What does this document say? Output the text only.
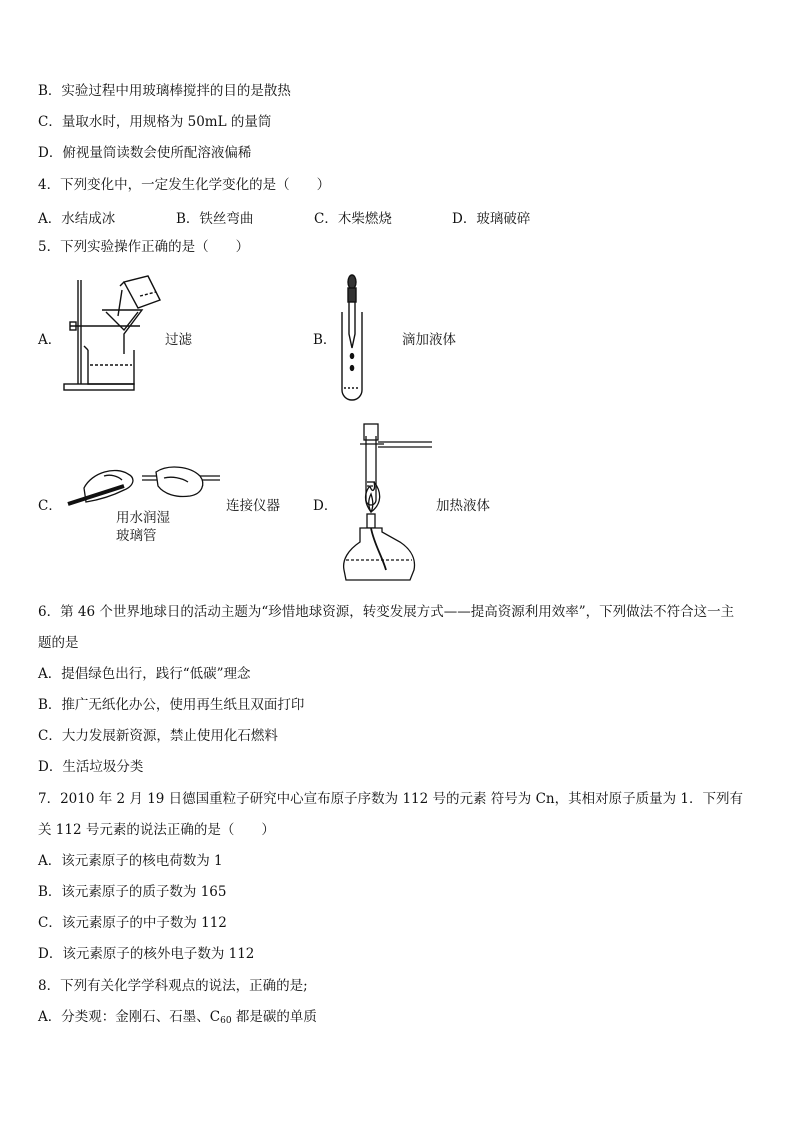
B．实验过程中用玻璃棒搅拌的目的是散热
C．量取水时，用规格为 50mL 的量筒
D．俯视量筒读数会使所配溶液偏稀
4．下列变化中，一定发生化学变化的是（　　）
A．水结成冰	B．铁丝弯曲	C．木柴燃烧	D．玻璃破碎
5．下列实验操作正确的是（　　）
A．	过滤	B．	滴加液体
C．
用水润湿
玻璃管
连接仪器 D．	加热液体
6．第 46 个世界地球日的活动主题为“珍惜地球资源，转变发展方式——提高资源利用效率”，下列做法不符合这一主
题的是
A．提倡绿色出行，践行“低碳”理念
B．推广无纸化办公，使用再生纸且双面打印
C．大力发展新资源，禁止使用化石燃料
D．生活垃圾分类
7．2010 年 2 月 19 日德国重粒子研究中心宣布原子序数为 112 号的元素 符号为 Cn，其相对原子质量为 1．下列有
关 112 号元素的说法正确的是（　　）
A．该元素原子的核电荷数为 1
B．该元素原子的质子数为 165
C．该元素原子的中子数为 112
D．该元素原子的核外电子数为 112
8．下列有关化学学科观点的说法，正确的是;
A．分类观：金刚石、石墨、$C_{60}$ 都是碳的单质
